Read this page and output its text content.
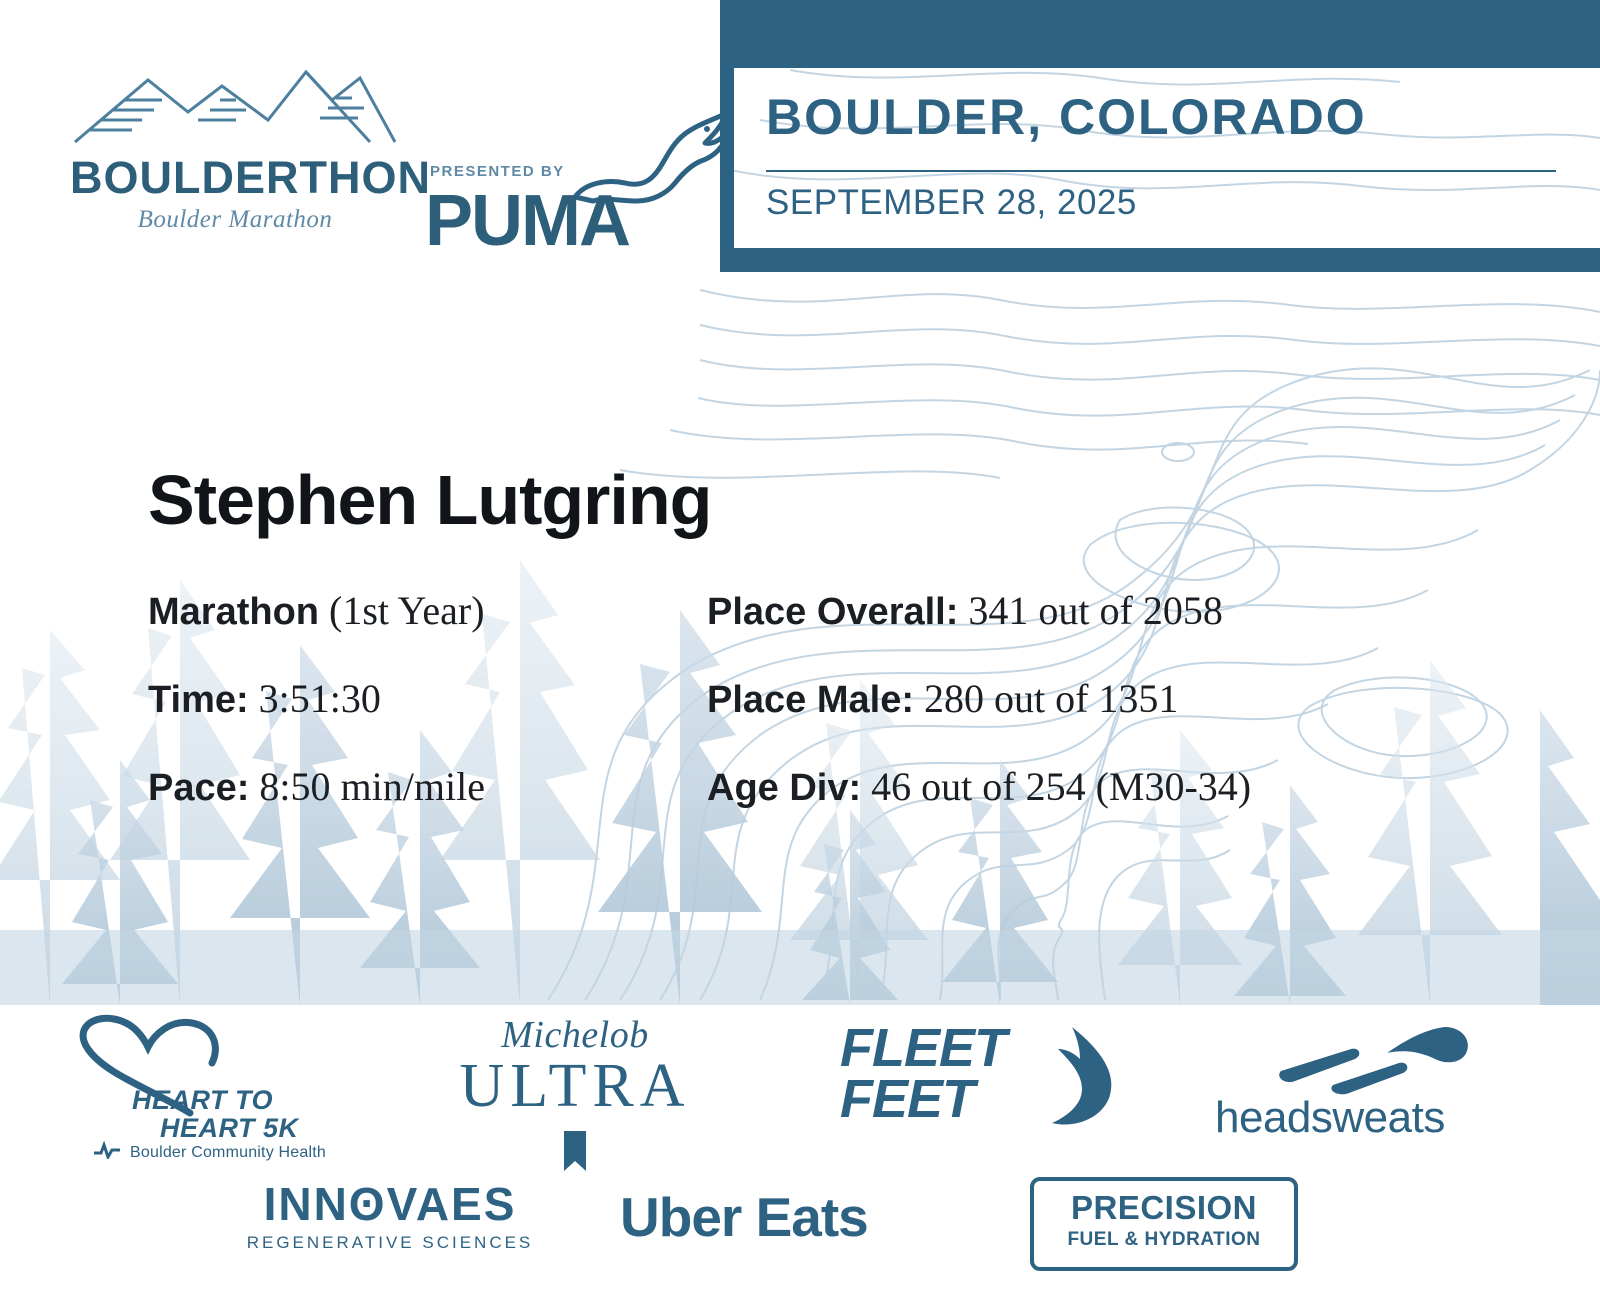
BOULDERTHON
Boulder Marathon
PRESENTED BY
PUMA
BOULDER, COLORADO
SEPTEMBER 28, 2025
Stephen Lutgring
Marathon (1st Year)
Time: 3:51:30
Pace: 8:50 min/mile
Place Overall: 341 out of 2058
Place Male: 280 out of 1351
Age Div: 46 out of 254 (M30-34)
HEART TO
HEART 5K
Boulder Community Health
Michelob
ULTRA
FLEET
FEET	headsweats
INNʘVAES
REGENERATIVE SCIENCES Uber Eats	PRECISION
FUEL & HYDRATION
